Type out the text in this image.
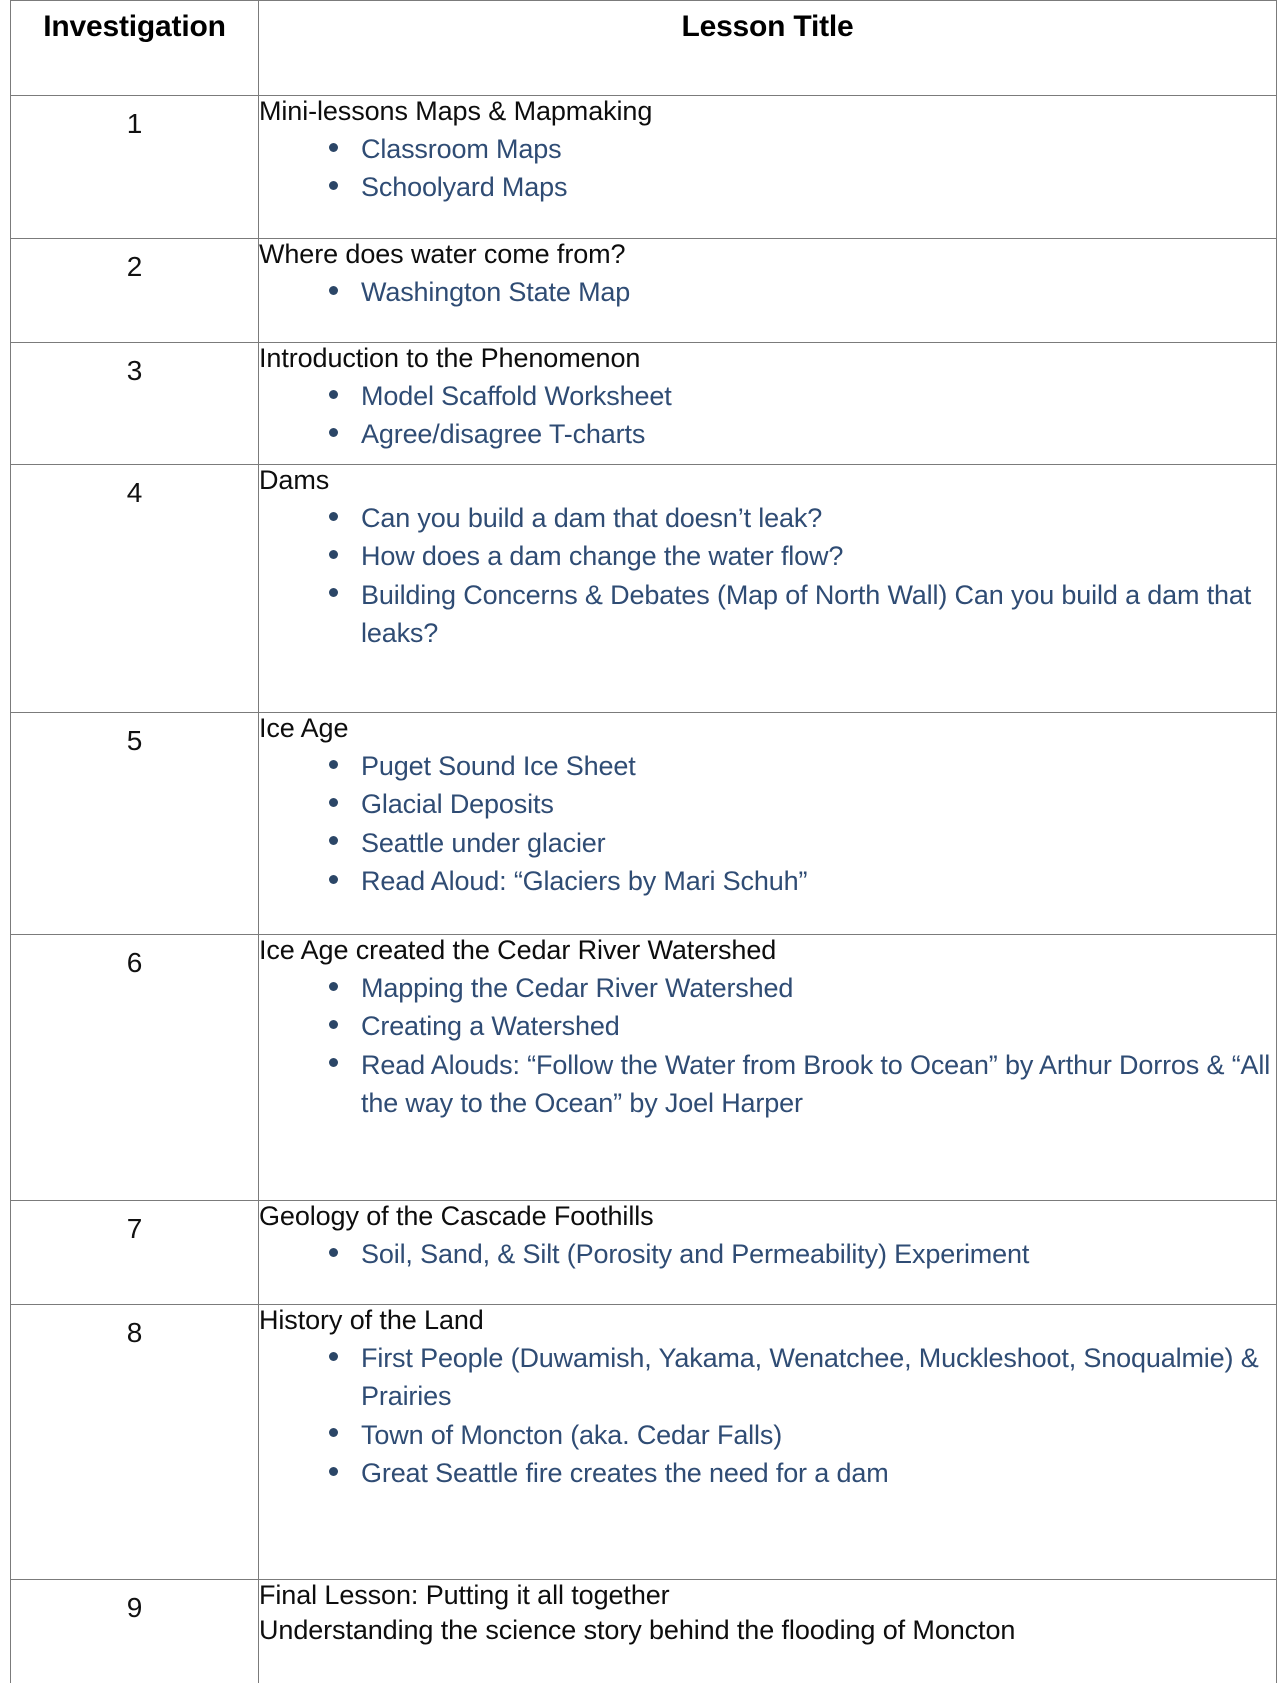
Investigation	Lesson Title

1	Mini-lessons Maps & Mapmaking

Classroom Maps
Schoolyard Maps

2	Where does water come from?

Washington State Map

3	Introduction to the Phenomenon

Model Scaffold Worksheet
Agree/disagree T-charts

4	Dams

Can you build a dam that doesn’t leak?
How does a dam change the water flow?
Building Concerns & Debates (Map of North Wall) Can you build a dam that leaks?

5	Ice Age

Puget Sound Ice Sheet
Glacial Deposits
Seattle under glacier
Read Aloud: “Glaciers by Mari Schuh”

6	Ice Age created the Cedar River Watershed

Mapping the Cedar River Watershed
Creating a Watershed
Read Alouds: “Follow the Water from Brook to Ocean” by Arthur Dorros & “All the way to the Ocean” by Joel Harper

7	Geology of the Cascade Foothills

Soil, Sand, & Silt (Porosity and Permeability) Experiment

8	History of the Land

First People (Duwamish, Yakama, Wenatchee, Muckleshoot, Snoqualmie) & Prairies
Town of Moncton (aka. Cedar Falls)
Great Seattle fire creates the need for a dam

9	Final Lesson: Putting it all together

Understanding the science story behind the flooding of Moncton
